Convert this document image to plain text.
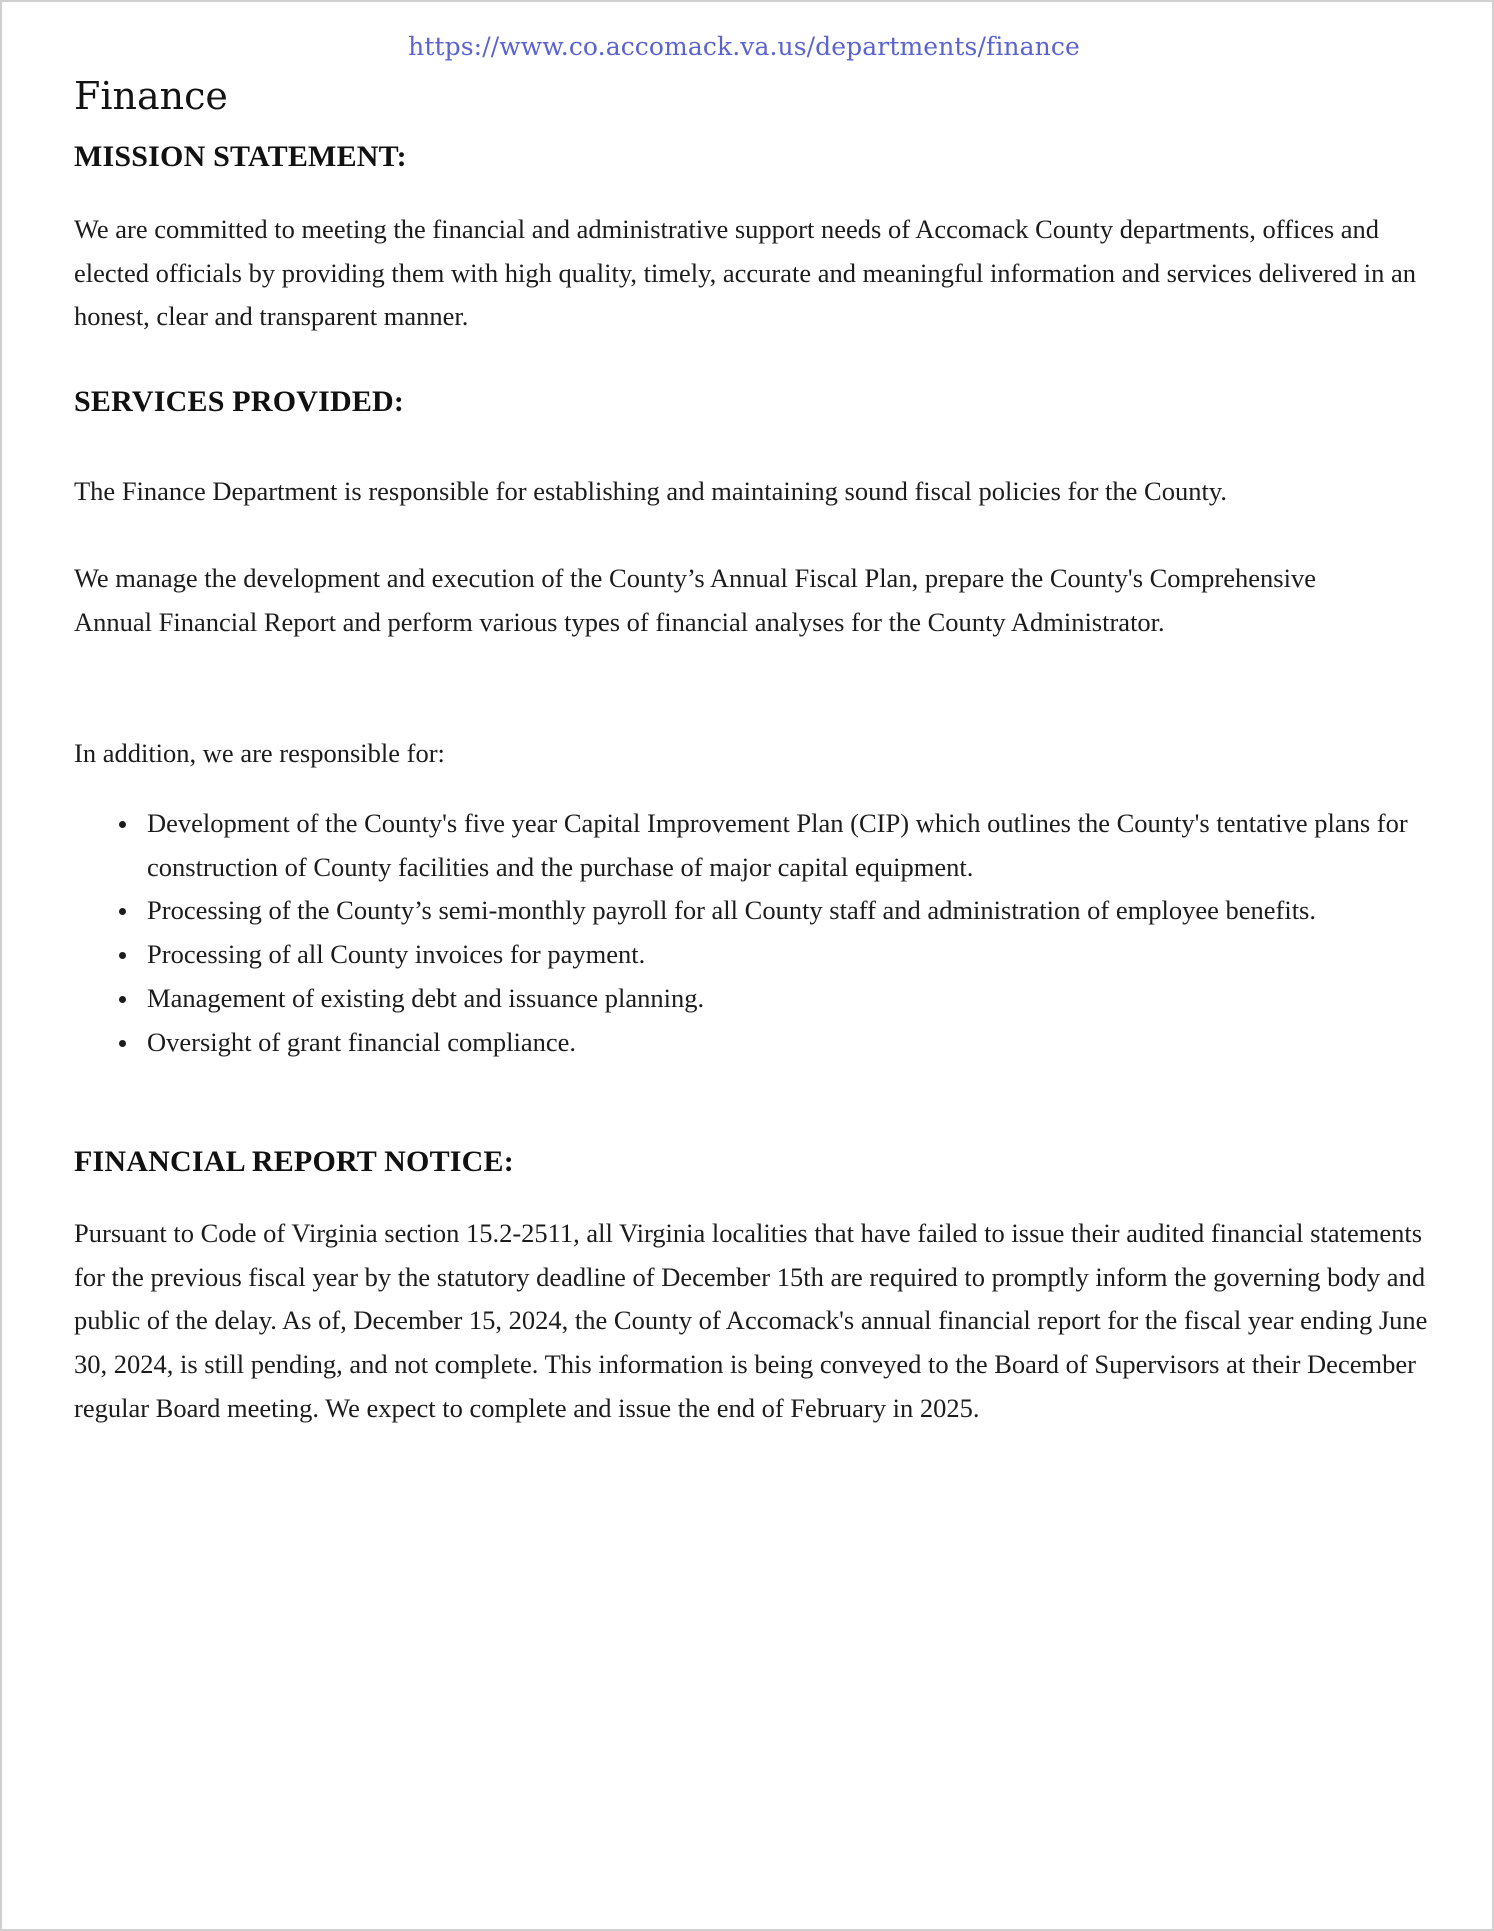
https://www.co.accomack.va.us/departments/finance
Finance
MISSION STATEMENT:

We are committed to meeting the financial and administrative support needs of Accomack County departments, offices and elected officials by providing them with high quality, timely, accurate and meaningful information and services delivered in an honest, clear and transparent manner.

SERVICES PROVIDED:

The Finance Department is responsible for establishing and maintaining sound fiscal policies for the County.

We manage the development and execution of the County’s Annual Fiscal Plan, prepare the County's Comprehensive Annual Financial Report and perform various types of financial analyses for the County Administrator.

In addition, we are responsible for:

Development of the County's five year Capital Improvement Plan (CIP) which outlines the County's tentative plans for construction of County facilities and the purchase of major capital equipment.
Processing of the County’s semi-monthly payroll for all County staff and administration of employee benefits.
Processing of all County invoices for payment.
Management of existing debt and issuance planning.
Oversight of grant financial compliance.
FINANCIAL REPORT NOTICE:

Pursuant to Code of Virginia section 15.2-2511, all Virginia localities that have failed to issue their audited financial statements for the previous fiscal year by the statutory deadline of December 15th are required to promptly inform the governing body and public of the delay. As of, December 15, 2024, the County of Accomack's annual financial report for the fiscal year ending June 30, 2024, is still pending, and not complete. This information is being conveyed to the Board of Supervisors at their December regular Board meeting. We expect to complete and issue the end of February in 2025.
